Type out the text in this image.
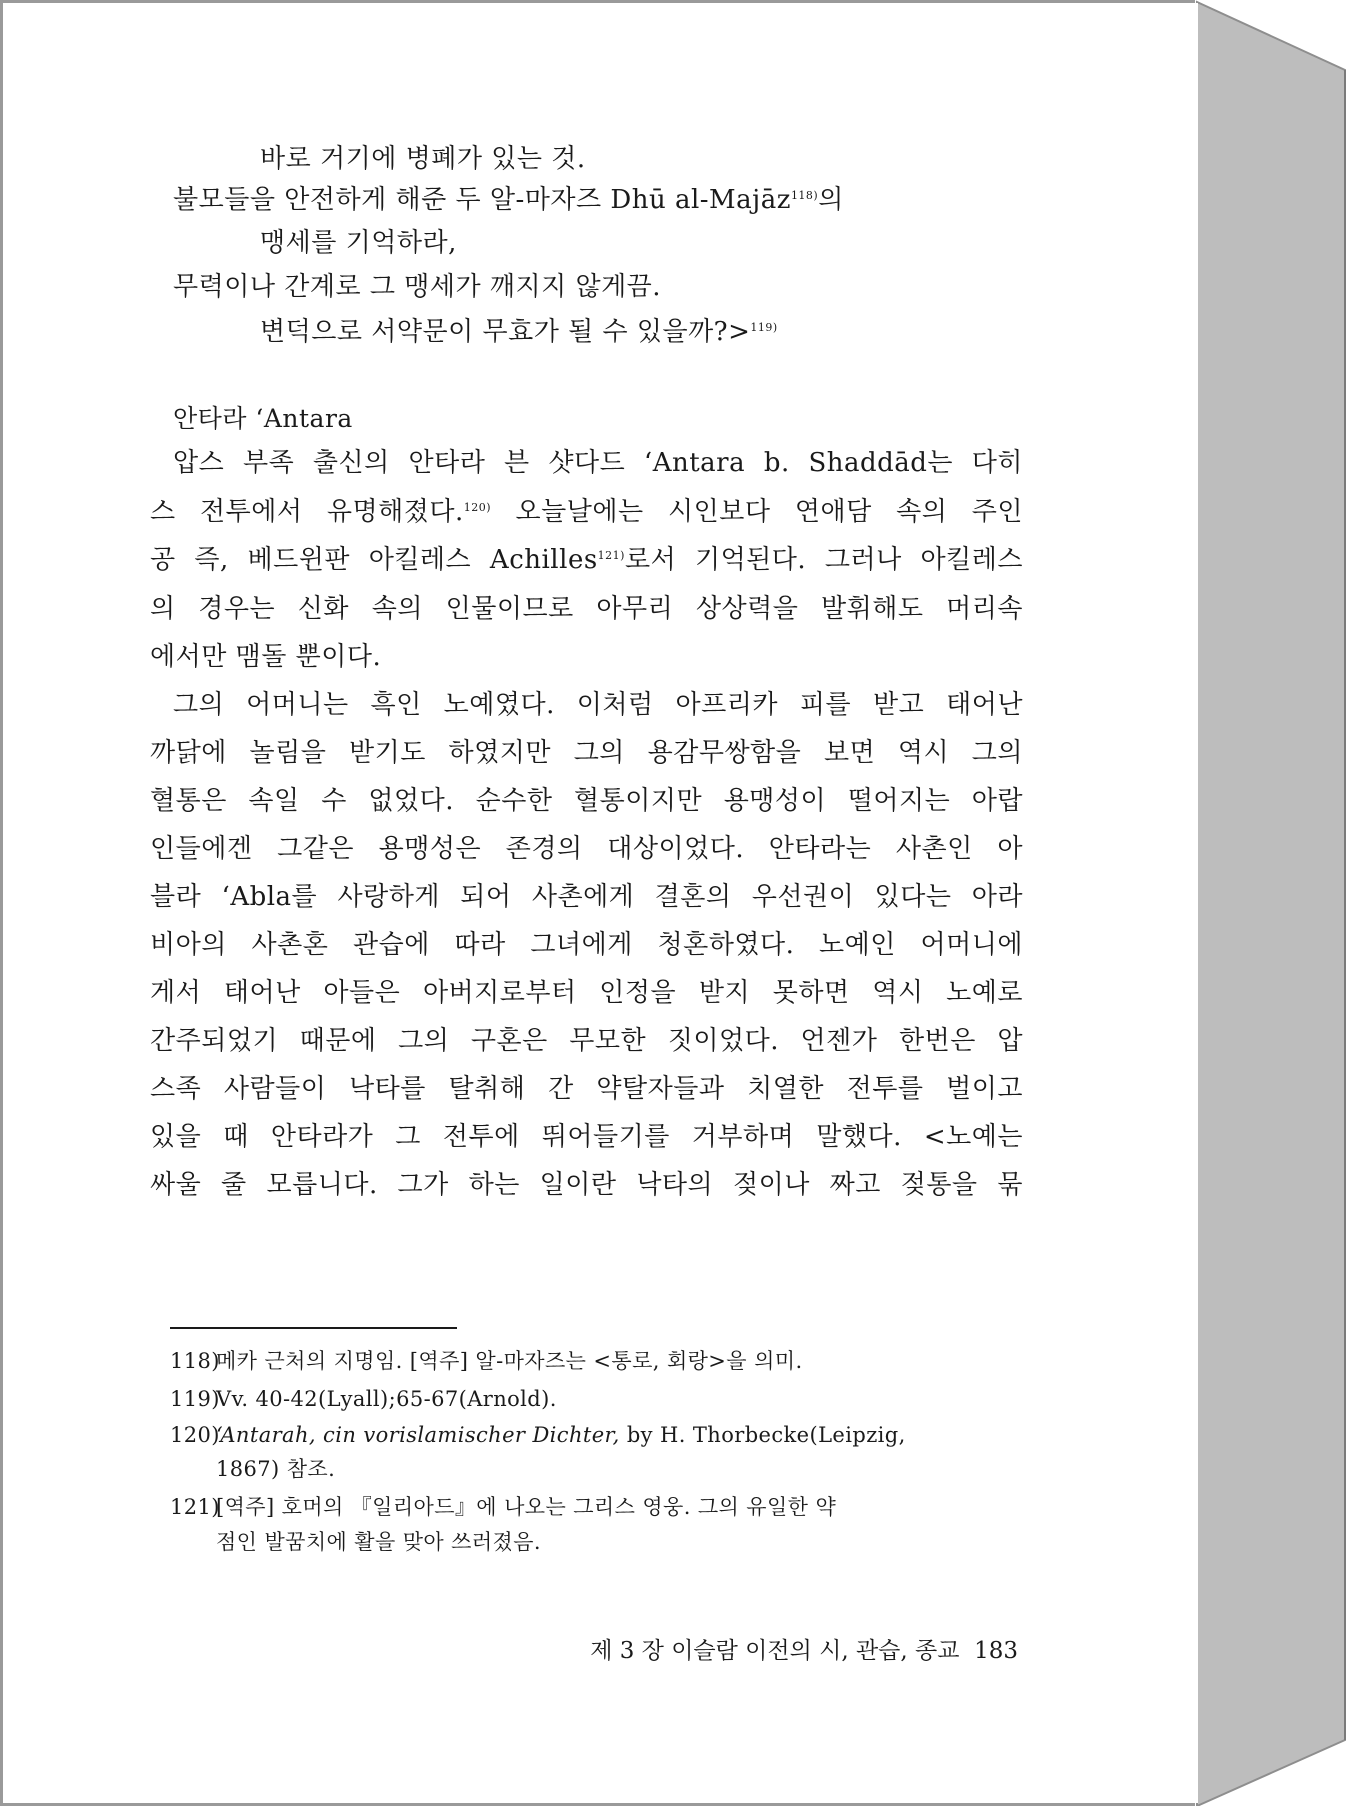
바로 거기에 병폐가 있는 것.
불모들을 안전하게 해준 두 알-마자즈 Dhū al-Majāz$^{118)}$의
맹세를 기억하라,
무력이나 간계로 그 맹세가 깨지지 않게끔.
변덕으로 서약문이 무효가 될 수 있을까?>$^{119)}$
안타라 ‘Antara
압스 부족 출신의 안타라 븐 샷다드 ‘Antara b. Shaddād는 다히
스 전투에서 유명해졌다.$^{120)}$ 오늘날에는 시인보다 연애담 속의 주인
공 즉, 베드윈판 아킬레스 Achilles$^{121)}$로서 기억된다. 그러나 아킬레스
의 경우는 신화 속의 인물이므로 아무리 상상력을 발휘해도 머리속
에서만 맴돌 뿐이다.
그의 어머니는 흑인 노예였다. 이처럼 아프리카 피를 받고 태어난
까닭에 놀림을 받기도 하였지만 그의 용감무쌍함을 보면 역시 그의
혈통은 속일 수 없었다. 순수한 혈통이지만 용맹성이 떨어지는 아랍
인들에겐 그같은 용맹성은 존경의 대상이었다. 안타라는 사촌인 아
블라 ‘Abla를 사랑하게 되어 사촌에게 결혼의 우선권이 있다는 아라
비아의 사촌혼 관습에 따라 그녀에게 청혼하였다. 노예인 어머니에
게서 태어난 아들은 아버지로부터 인정을 받지 못하면 역시 노예로
간주되었기 때문에 그의 구혼은 무모한 짓이었다. 언젠가 한번은 압
스족 사람들이 낙타를 탈취해 간 약탈자들과 치열한 전투를 벌이고
있을 때 안타라가 그 전투에 뛰어들기를 거부하며 말했다. <노예는
싸울 줄 모릅니다. 그가 하는 일이란 낙타의 젖이나 짜고 젖통을 묶
118)메카 근처의 지명임. [역주] 알-마자즈는 <통로, 회랑>을 의미.
119)Vv. 40-42(Lyall);65-67(Arnold).
120)‘Antarah, cin vorislamischer Dichter, by H. Thorbecke(Leipzig,
1867) 참조.
121)[역주] 호머의 『일리아드』에 나오는 그리스 영웅. 그의 유일한 약
점인 발꿈치에 활을 맞아 쓰러졌음.
제 3 장 이슬람 이전의 시, 관습, 종교 183
